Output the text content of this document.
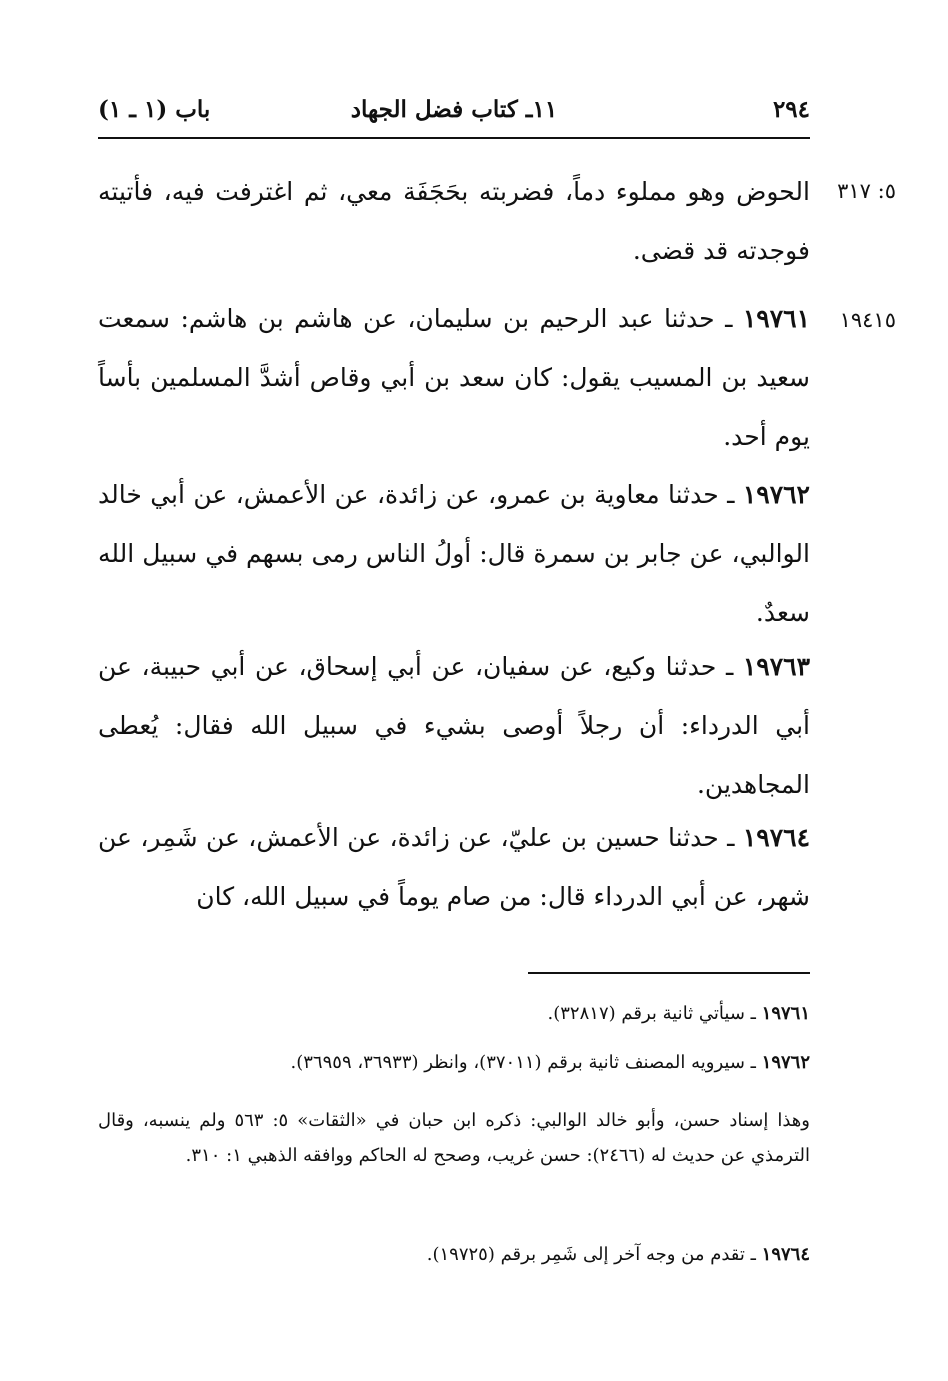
٢٩٤
١١ـ كتاب فضل الجهاد
باب (١ ـ ١)
٥: ٣١٧
١٩٤١٥
الحوض وهو مملوء دماً، فضربته بحَجَفَة معي، ثم اغترفت فيه، فأتيته فوجدته قد قضى.
١٩٧٦١ ـ حدثنا عبد الرحيم بن سليمان، عن هاشم بن هاشم: سمعت سعيد بن المسيب يقول: كان سعد بن أبي وقاص أشدَّ المسلمين بأساً يوم أحد.
١٩٧٦٢ ـ حدثنا معاوية بن عمرو، عن زائدة، عن الأعمش، عن أبي خالد الوالبي، عن جابر بن سمرة قال: أولُ الناس رمى بسهم في سبيل الله سعدٌ.
١٩٧٦٣ ـ حدثنا وكيع، عن سفيان، عن أبي إسحاق، عن أبي حبيبة، عن أبي الدرداء: أن رجلاً أوصى بشيء في سبيل الله فقال: يُعطى المجاهدين.
١٩٧٦٤ ـ حدثنا حسين بن عليّ، عن زائدة، عن الأعمش، عن شَمِر، عن شهر، عن أبي الدرداء قال: من صام يوماً في سبيل الله، كان
١٩٧٦١ ـ سيأتي ثانية برقم (٣٢٨١٧).
١٩٧٦٢ ـ سيرويه المصنف ثانية برقم (٣٧٠١١)، وانظر (٣٦٩٣٣، ٣٦٩٥٩).
وهذا إسناد حسن، وأبو خالد الوالبي: ذكره ابن حبان في «الثقات» ٥: ٥٦٣ ولم ينسبه، وقال الترمذي عن حديث له (٢٤٦٦): حسن غريب، وصحح له الحاكم ووافقه الذهبي ١: ٣١٠.
١٩٧٦٤ ـ تقدم من وجه آخر إلى شَمِر برقم (١٩٧٢٥).
